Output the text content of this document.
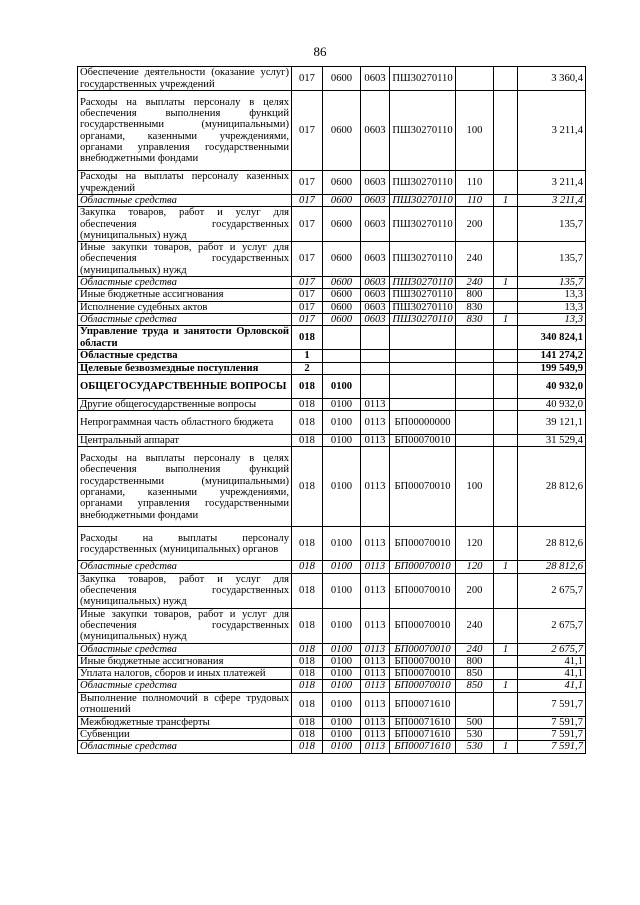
86
Обеспечение деятельности (оказание услуг) государственных учреждений	017	0600	0603	ПШ30270110			3 360,4
Расходы на выплаты персоналу в целях обеспечения выполнения функций государственными (муниципальными) органами, казенными учреждениями, органами управления государственными внебюджетными фондами	017	0600	0603	ПШ30270110	100		3 211,4
Расходы на выплаты персоналу казенных учреждений	017	0600	0603	ПШ30270110	110		3 211,4
Областные средства	017	0600	0603	ПШ30270110	110	1	3 211,4
Закупка товаров, работ и услуг для обеспечения государственных (муниципальных) нужд	017	0600	0603	ПШ30270110	200		135,7
Иные закупки товаров, работ и услуг для обеспечения государственных (муниципальных) нужд	017	0600	0603	ПШ30270110	240		135,7
Областные средства	017	0600	0603	ПШ30270110	240	1	135,7
Иные бюджетные ассигнования	017	0600	0603	ПШ30270110	800		13,3
Исполнение судебных актов	017	0600	0603	ПШ30270110	830		13,3
Областные средства	017	0600	0603	ПШ30270110	830	1	13,3
Управление труда и занятости Орловской области	018						340 824,1
Областные средства	1						141 274,2
Целевые безвозмездные поступления	2						199 549,9
ОБЩЕГОСУДАРСТВЕННЫЕ ВОПРОСЫ	018	0100					40 932,0
Другие общегосударственные вопросы	018	0100	0113				40 932,0
Непрограммная часть областного бюджета	018	0100	0113	БП00000000			39 121,1
Центральный аппарат	018	0100	0113	БП00070010			31 529,4
Расходы на выплаты персоналу в целях обеспечения выполнения функций государственными (муниципальными) органами, казенными учреждениями, органами управления государственными внебюджетными фондами	018	0100	0113	БП00070010	100		28 812,6
Расходы на выплаты персоналу государственных (муниципальных) органов	018	0100	0113	БП00070010	120		28 812,6
Областные средства	018	0100	0113	БП00070010	120	1	28 812,6
Закупка товаров, работ и услуг для обеспечения государственных (муниципальных) нужд	018	0100	0113	БП00070010	200		2 675,7
Иные закупки товаров, работ и услуг для обеспечения государственных (муниципальных) нужд	018	0100	0113	БП00070010	240		2 675,7
Областные средства	018	0100	0113	БП00070010	240	1	2 675,7
Иные бюджетные ассигнования	018	0100	0113	БП00070010	800		41,1
Уплата налогов, сборов и иных платежей	018	0100	0113	БП00070010	850		41,1
Областные средства	018	0100	0113	БП00070010	850	1	41,1
Выполнение полномочий в сфере трудовых отношений	018	0100	0113	БП00071610			7 591,7
Межбюджетные трансферты	018	0100	0113	БП00071610	500		7 591,7
Субвенции	018	0100	0113	БП00071610	530		7 591,7
Областные средства	018	0100	0113	БП00071610	530	1	7 591,7
